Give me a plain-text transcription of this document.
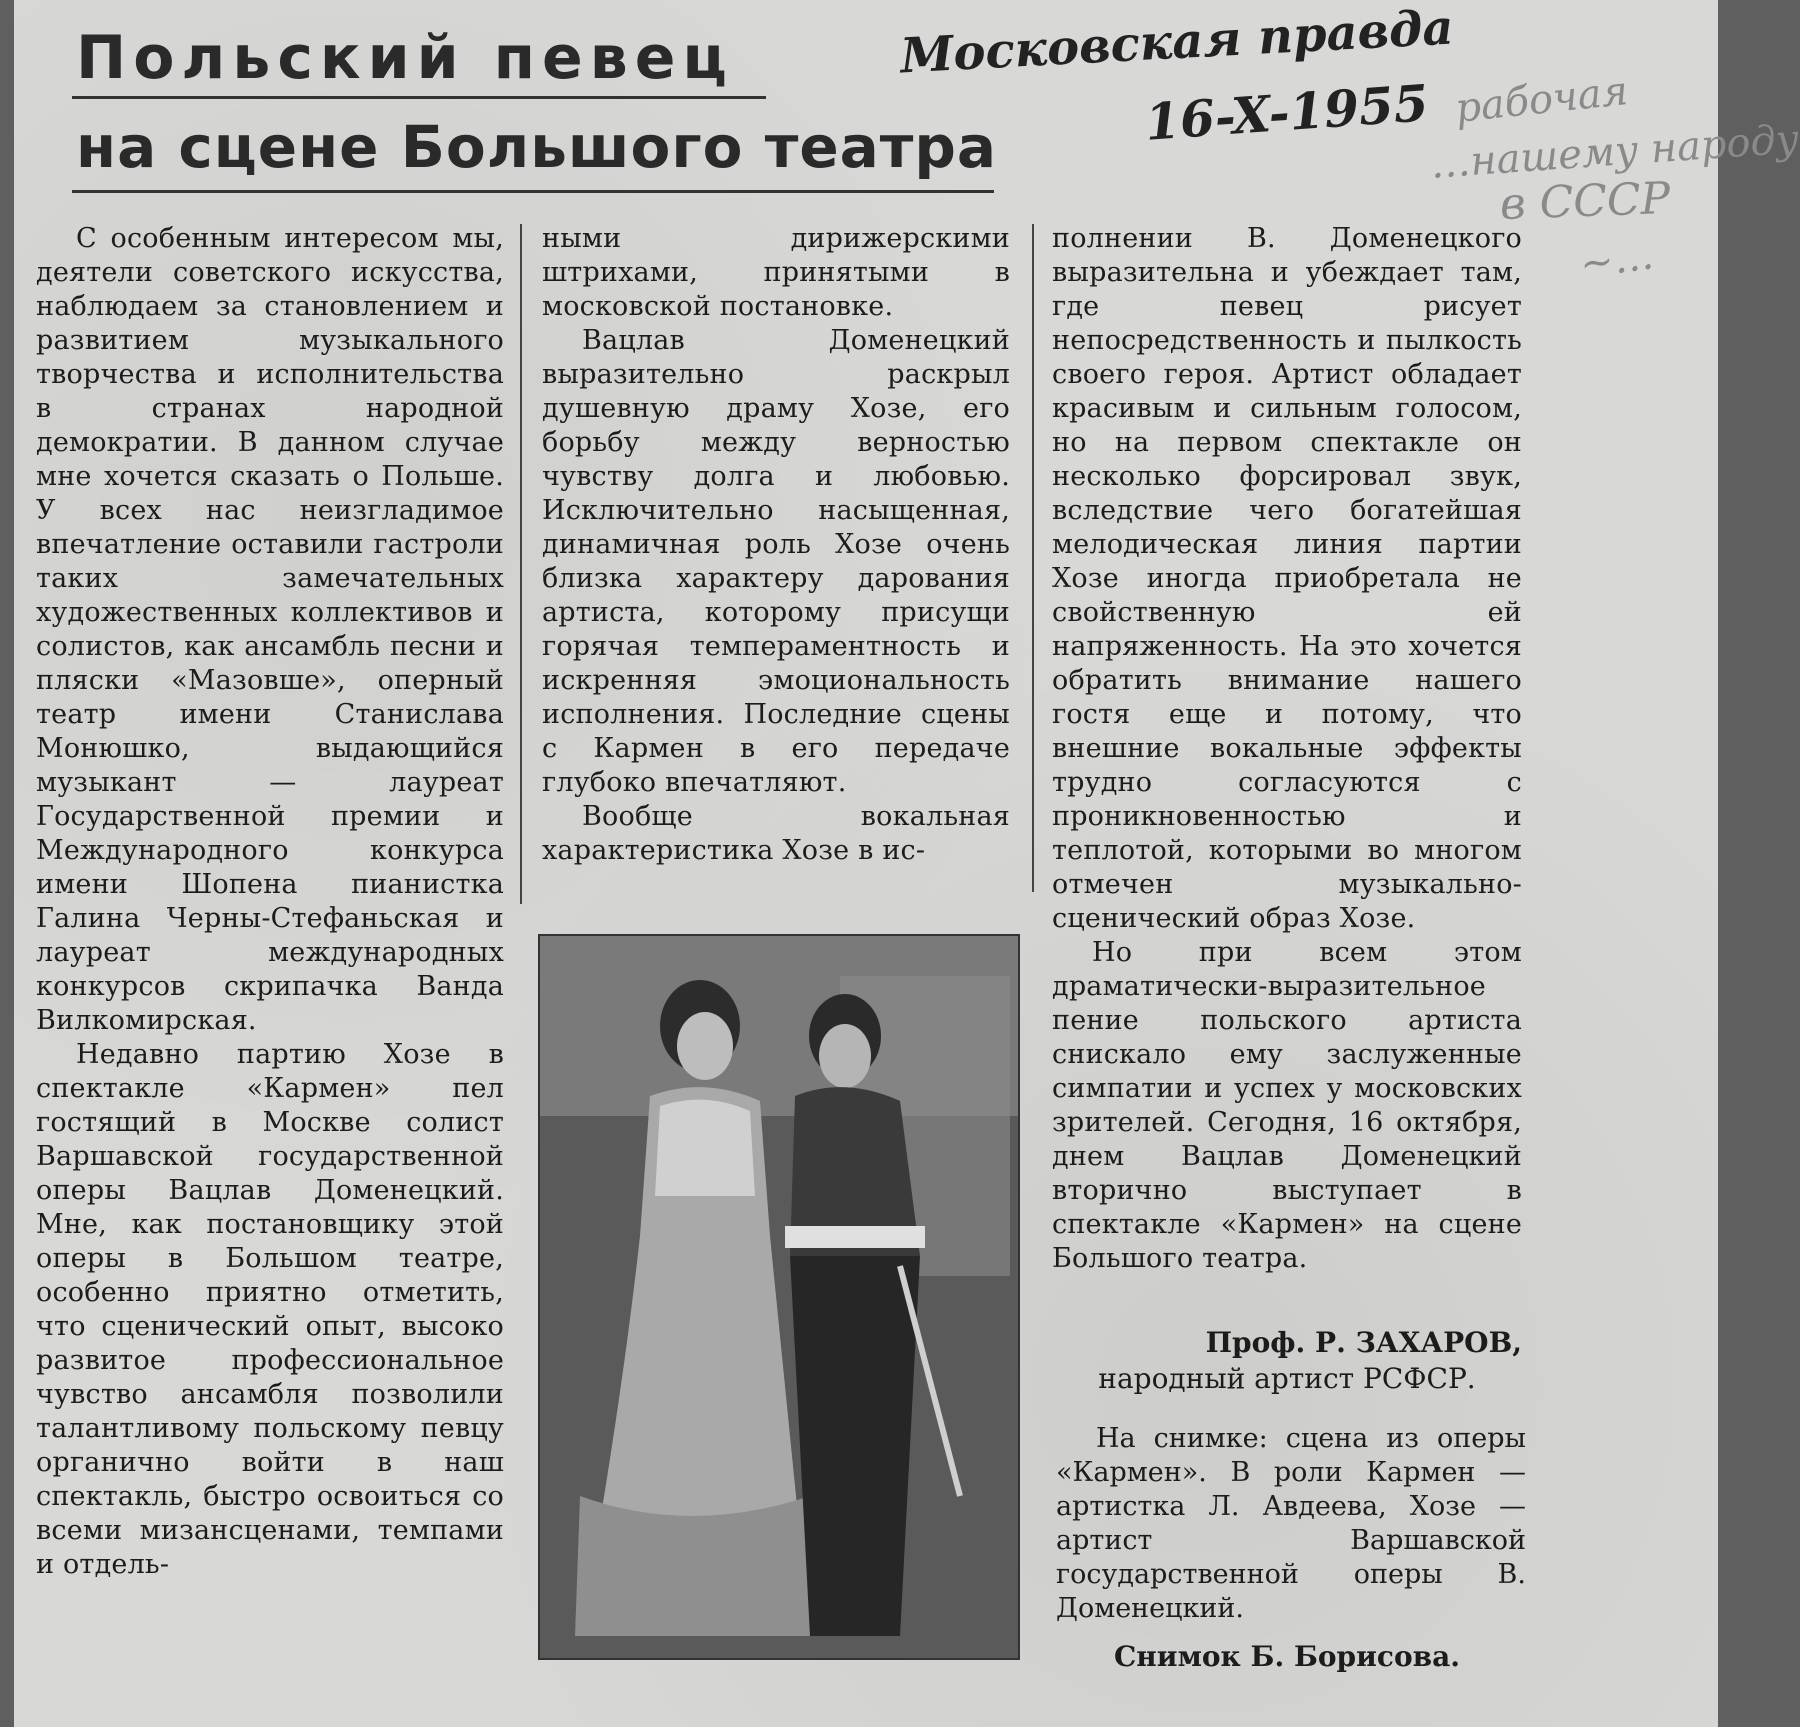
Польский певец
на сцене Большого театра
Московская правда
16-X-1955 рабочая
…нашему народу
в СССР
~…

С особенным интересом мы, деятели советского искусства, наблюдаем за становлением и развитием музыкального творчества и исполнительства в странах народной демократии. В данном случае мне хочется сказать о Польше. У всех нас неизгладимое впечатление оставили гастроли таких замечательных художественных коллективов и солистов, как ансамбль песни и пляски «Мазовше», оперный театр имени Станислава Монюшко, выдающийся музыкант — лауреат Государственной премии и Международного конкурса имени Шопена пианистка Галина Черны-Стефаньская и лауреат международных конкурсов скрипачка Ванда Вилкомирская.

Недавно партию Хозе в спектакле «Кармен» пел гостящий в Москве солист Варшавской государственной оперы Вацлав Доменецкий. Мне, как постановщику этой оперы в Большом театре, особенно приятно отметить, что сценический опыт, высоко развитое профессиональное чувство ансамбля позволили талантливому польскому певцу органично войти в наш спектакль, быстро освоиться со всеми мизансценами, темпами и отдель-

ными дирижерскими штрихами, принятыми в московской постановке.

Вацлав Доменецкий выразительно раскрыл душевную драму Хозе, его борьбу между верностью чувству долга и любовью. Исключительно насыщенная, динамичная роль Хозе очень близка характеру дарования артиста, которому присущи горячая темпераментность и искренняя эмоциональность исполнения. Последние сцены с Кармен в его передаче глубоко впечатляют.

Вообще вокальная характеристика Хозе в ис-

полнении В. Доменецкого выразительна и убеждает там, где певец рисует непосредственность и пылкость своего героя. Артист обладает красивым и сильным голосом, но на первом спектакле он несколько форсировал звук, вследствие чего богатейшая мелодическая линия партии Хозе иногда приобретала не свойственную ей напряженность. На это хочется обратить внимание нашего гостя еще и потому, что внешние вокальные эффекты трудно согласуются с проникновенностью и теплотой, которыми во многом отмечен музыкально-сценический образ Хозе.

Но при всем этом драматически-выразительное пение польского артиста снискало ему заслуженные симпатии и успех у московских зрителей. Сегодня, 16 октября, днем Вацлав Доменецкий вторично выступает в спектакле «Кармен» на сцене Большого театра.

Проф. Р. ЗАХАРОВ,
народный артист РСФСР.
На снимке: сцена из оперы «Кармен». В роли Кармен — артистка Л. Авдеева, Хозе — артист Варшавской государственной оперы В. Доменецкий.
Снимок Б. Борисова.
